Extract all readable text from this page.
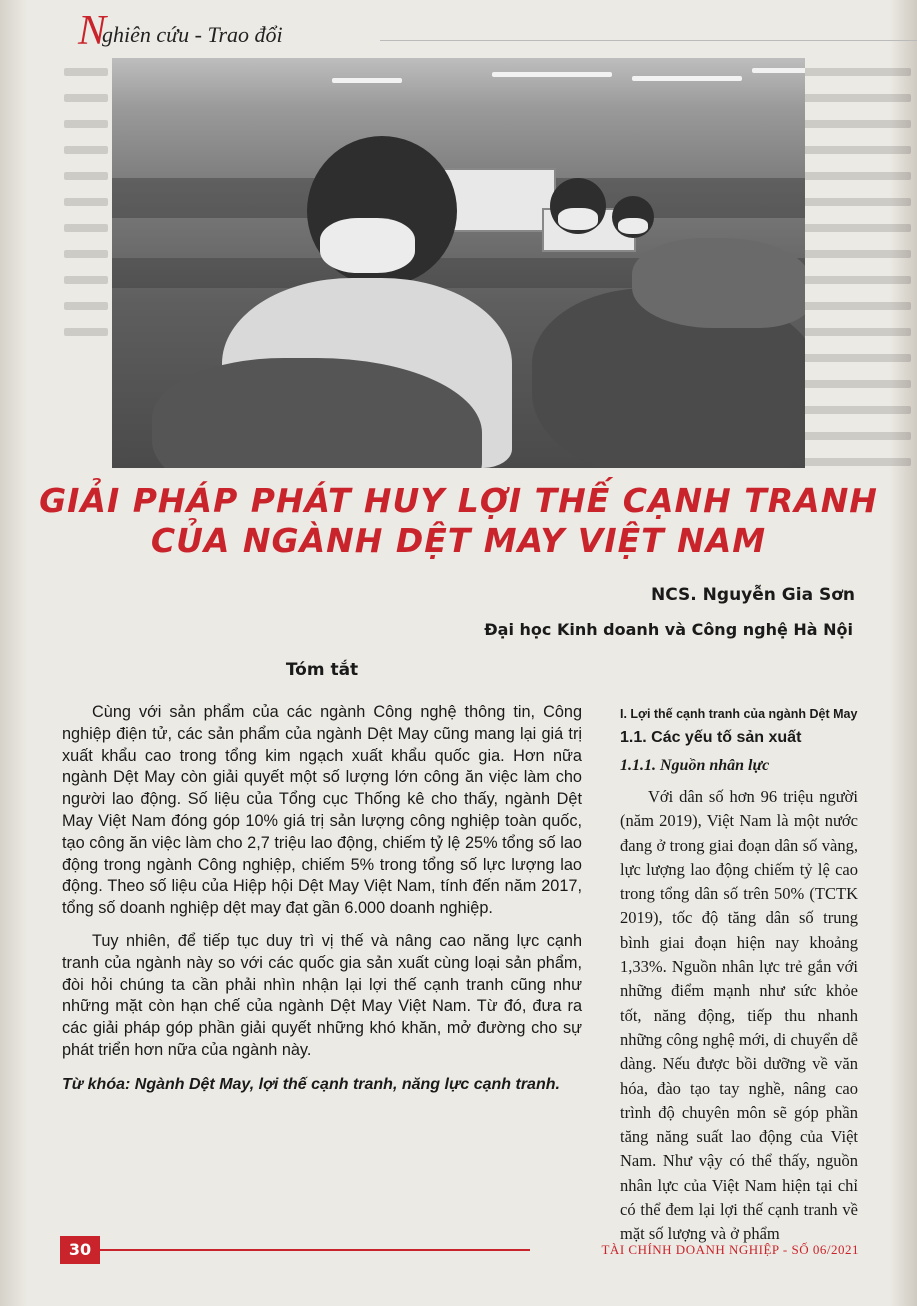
N
ghiên cứu - Trao đổi
GIẢI PHÁP PHÁT HUY LỢI THẾ CẠNH TRANH
CỦA NGÀNH DỆT MAY VIỆT NAM
NCS. Nguyễn Gia Sơn
Đại học Kinh doanh và Công nghệ Hà Nội
Tóm tắt

Cùng với sản phẩm của các ngành Công nghệ thông tin, Công nghiệp điện tử, các sản phẩm của ngành Dệt May cũng mang lại giá trị xuất khẩu cao trong tổng kim ngạch xuất khẩu quốc gia. Hơn nữa ngành Dệt May còn giải quyết một số lượng lớn công ăn việc làm cho người lao động. Số liệu của Tổng cục Thống kê cho thấy, ngành Dệt May Việt Nam đóng góp 10% giá trị sản lượng công nghiệp toàn quốc, tạo công ăn việc làm cho 2,7 triệu lao động, chiếm tỷ lệ 25% tổng số lao động trong ngành Công nghiệp, chiếm 5% trong tổng số lực lượng lao động. Theo số liệu của Hiệp hội Dệt May Việt Nam, tính đến năm 2017, tổng số doanh nghiệp dệt may đạt gần 6.000 doanh nghiệp.

Tuy nhiên, để tiếp tục duy trì vị thế và nâng cao năng lực cạnh tranh của ngành này so với các quốc gia sản xuất cùng loại sản phẩm, đòi hỏi chúng ta cần phải nhìn nhận lại lợi thế cạnh tranh cũng như những mặt còn hạn chế của ngành Dệt May Việt Nam. Từ đó, đưa ra các giải pháp góp phần giải quyết những khó khăn, mở đường cho sự phát triển hơn nữa của ngành này.

Từ khóa: Ngành Dệt May, lợi thế cạnh tranh, năng lực cạnh tranh.
I. Lợi thế cạnh tranh của ngành Dệt May
1.1. Các yếu tố sản xuất
1.1.1. Nguồn nhân lực

Với dân số hơn 96 triệu người (năm 2019), Việt Nam là một nước đang ở trong giai đoạn dân số vàng, lực lượng lao động chiếm tỷ lệ cao trong tổng dân số trên 50% (TCTK 2019), tốc độ tăng dân số trung bình giai đoạn hiện nay khoảng 1,33%. Nguồn nhân lực trẻ gắn với những điểm mạnh như sức khỏe tốt, năng động, tiếp thu nhanh những công nghệ mới, di chuyển dễ dàng. Nếu được bồi dưỡng về văn hóa, đào tạo tay nghề, nâng cao trình độ chuyên môn sẽ góp phần tăng năng suất lao động của Việt Nam. Như vậy có thể thấy, nguồn nhân lực của Việt Nam hiện tại chỉ có thể đem lại lợi thế cạnh tranh về mặt số lượng và ở phẩm

30	TÀI CHÍNH DOANH NGHIỆP - SỐ 06/2021
